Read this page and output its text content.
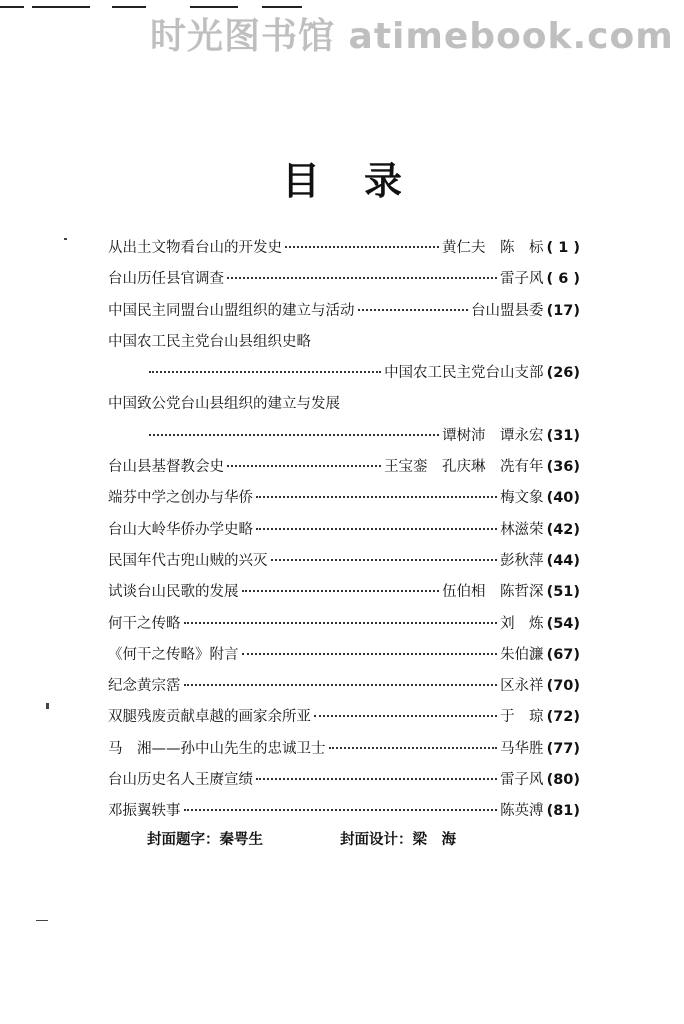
时光图书馆 atimebook.com
目录
从出土文物看台山的开发史	黄仁夫　陈　标 ( 1 )
台山历任县官调查	雷子风 ( 6 )
中国民主同盟台山盟组织的建立与活动	台山盟县委 (17)
中国农工民主党台山县组织史略
中国农工民主党台山支部 (26)
中国致公党台山县组织的建立与发展
谭树沛　谭永宏 (31)
台山县基督教会史	王宝銮　孔庆琳　冼有年 (36)
端芬中学之创办与华侨	梅文象 (40)
台山大岭华侨办学史略	林滋荣 (42)
民国年代古兜山贼的兴灭	彭秋萍 (44)
试谈台山民歌的发展	伍伯相　陈哲深 (51)
何干之传略	刘　炼 (54)
《何干之传略》附言	朱伯濂 (67)
纪念黄宗霑	区永祥 (70)
双腿残废贡献卓越的画家余所亚	于　琼 (72)
马　湘——孙中山先生的忠诚卫士	马华胜 (77)
台山历史名人王赓宣绩	雷子风 (80)
邓振翼轶事	陈英溥 (81)
封面题字：秦咢生	封面设计：梁　海
